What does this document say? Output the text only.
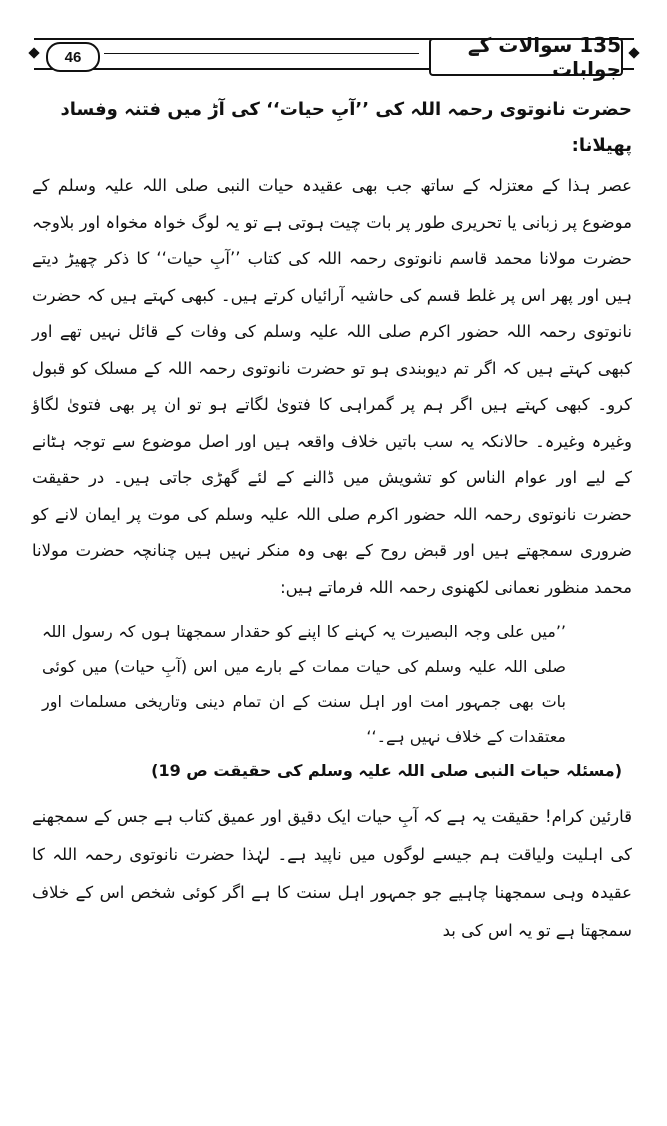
46	135 سوالات کے جوابات

حضرت نانوتوی رحمہ اللہ کی ’’آبِ حیات‘‘ کی آڑ میں فتنہ وفساد پھیلانا:

عصر ہذا کے معتزلہ کے ساتھ جب بھی عقیدہ حیات النبی صلی اللہ علیہ وسلم کے موضوع پر زبانی یا تحریری طور پر بات چیت ہوتی ہے تو یہ لوگ خواہ مخواہ اور بلاوجہ حضرت مولانا محمد قاسم نانوتوی رحمہ اللہ کی کتاب ’’آبِ حیات‘‘ کا ذکر چھیڑ دیتے ہیں اور پھر اس پر غلط قسم کی حاشیہ آرائیاں کرتے ہیں۔ کبھی کہتے ہیں کہ حضرت نانوتوی رحمہ اللہ حضور اکرم صلی اللہ علیہ وسلم کی وفات کے قائل نہیں تھے اور کبھی کہتے ہیں کہ اگر تم دیوبندی ہو تو حضرت نانوتوی رحمہ اللہ کے مسلک کو قبول کرو۔ کبھی کہتے ہیں اگر ہم پر گمراہی کا فتویٰ لگاتے ہو تو ان پر بھی فتویٰ لگاؤ وغیرہ وغیرہ۔ حالانکہ یہ سب باتیں خلاف واقعہ ہیں اور اصل موضوع سے توجہ ہٹانے کے لیے اور عوام الناس کو تشویش میں ڈالنے کے لئے گھڑی جاتی ہیں۔ در حقیقت حضرت نانوتوی رحمہ اللہ حضور اکرم صلی اللہ علیہ وسلم کی موت پر ایمان لانے کو ضروری سمجھتے ہیں اور قبض روح کے بھی وہ منکر نہیں ہیں چنانچہ حضرت مولانا محمد منظور نعمانی لکھنوی رحمہ اللہ فرماتے ہیں:

’’میں علی وجہ البصیرت یہ کہنے کا اپنے کو حقدار سمجھتا ہوں کہ رسول اللہ صلی اللہ علیہ وسلم کی حیات ممات کے بارے میں اس (آبِ حیات) میں کوئی بات بھی جمہور امت اور اہل سنت کے ان تمام دینی وتاریخی مسلمات اور معتقدات کے خلاف نہیں ہے۔‘‘

(مسئلہ حیات النبی صلی اللہ علیہ وسلم کی حقیقت ص 19)

قارئین کرام! حقیقت یہ ہے کہ آبِ حیات ایک دقیق اور عمیق کتاب ہے جس کے سمجھنے کی اہلیت ولیاقت ہم جیسے لوگوں میں ناپید ہے۔ لہٰذا حضرت نانوتوی رحمہ اللہ کا عقیدہ وہی سمجھنا چاہیے جو جمہور اہل سنت کا ہے اگر کوئی شخص اس کے خلاف سمجھتا ہے تو یہ اس کی بد
